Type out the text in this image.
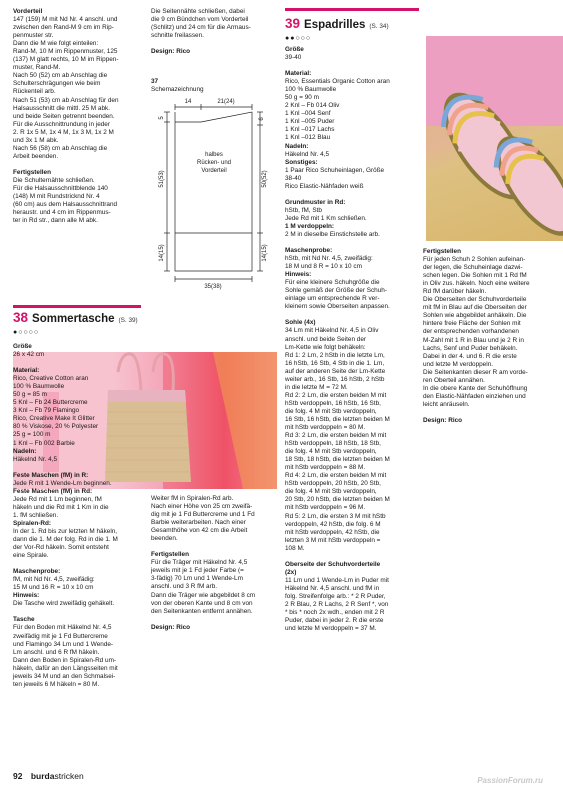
Vorderteil

147 (159) M mit Nd Nr. 4 anschl. und
zwischen den Rand-M 9 cm im Rip-
penmuster str.
Dann die M wie folgt einteilen:
Rand-M, 10 M im Rippenmuster, 125
(137) M glatt rechts, 10 M im Rippen-
muster, Rand-M.
Nach 50 (52) cm ab Anschlag die
Schulterschrägungen wie beim
Rückenteil arb.
Nach 51 (53) cm ab Anschlag für den
Halsausschnitt die mittl. 25 M abk.
und beide Seiten getrennt beenden.
Für die Ausschnittrundung in jeder
2. R 1x 5 M, 1x 4 M, 1x 3 M, 1x 2 M
und 3x 1 M abk.
Nach 56 (58) cm ab Anschlag die
Arbeit beenden.

Fertigstellen

Die Schulternähte schließen.
Für die Halsausschnittblende 140
(148) M mit Rundstricknd Nr. 4
(60 cm) aus dem Halsausschnittrand
heraustr. und 4 cm im Rippenmus-
ter in Rd str., dann alle M abk.

Die Seitennähte schließen, dabei
die 9 cm Bündchen vom Vorderteil
(Schlitz) und 24 cm für die Armaus-
schnitte freilassen.

Design: Rico

37
Schemazeichnung

14	21(24)
6
5
51(53)
14(15)
50(52)
14(15)
35(38)
halbes
Rücken- und
Vorderteil
38 Sommertasche (S. 39)
●○○○○

Größe

26 x 42 cm

Material:

Rico, Creative Cotton aran
100 % Baumwolle
50 g = 85 m
5 Knl – Fb 24 Buttercreme
3 Knl – Fb 79 Flamingo
Rico, Creative Make It Glitter
80 % Viskose, 20 % Polyester
25 g = 100 m
1 Knl – Fb 002 Barbie

Nadeln:

Häkelnd Nr. 4,5

Feste Maschen (fM) in R:

Jede R mit 1 Wende-Lm beginnen.

Feste Maschen (fM) in Rd:

Jede Rd mit 1 Lm beginnen, fM
häkeln und die Rd mit 1 Km in die
1. fM schließen.

Spiralen-Rd:

In der 1. Rd bis zur letzten M häkeln,
dann die 1. M der folg. Rd in die 1. M
der Vor-Rd häkeln. Somit entsteht
eine Spirale.

Maschenprobe:

fM, mit Nd Nr. 4,5, zweifädig:
15 M und 16 R = 10 x 10 cm

Hinweis:

Die Tasche wird zweifädig gehäkelt.

Tasche

Für den Boden mit Häkelnd Nr. 4,5
zweifädig mit je 1 Fd Buttercreme
und Flamingo 34 Lm und 1 Wende-
Lm anschl. und 6 R fM häkeln.
Dann den Boden in Spiralen-Rd um-
häkeln, dafür an den Längsseiten mit
jeweils 34 M und an den Schmalsei-
ten jeweils 6 M häkeln = 80 M.

Weiter fM in Spiralen-Rd arb.
Nach einer Höhe von 25 cm zweifä-
dig mit je 1 Fd Buttercreme und 1 Fd
Barbie weiterarbeiten. Nach einer
Gesamthöhe von 42 cm die Arbeit
beenden.

Fertigstellen

Für die Träger mit Häkelnd Nr. 4,5
jeweils mit je 1 Fd jeder Farbe (=
3-fädig) 70 Lm und 1 Wende-Lm
anschl. und 3 R fM arb.
Dann die Träger wie abgebildet 8 cm
von der oberen Kante und 8 cm von
den Seitenkanten entfernt annähen.

Design: Rico

39 Espadrilles (S. 34)
●●○○○

Größe

39-40

Material:

Rico, Essentials Organic Cotton aran
100 % Baumwolle
50 g = 90 m
2 Knl – Fb 014 Oliv
1 Knl –004 Senf
1 Knl –005 Puder
1 Knl –017 Lachs
1 Knl –012 Blau

Nadeln:

Häkelnd Nr. 4,5

Sonstiges:

1 Paar Rico Schuheinlagen, Größe
38-40
Rico Elastic-Nähfaden weiß

Grundmuster in Rd:

hStb, fM, Stb
Jede Rd mit 1 Km schließen.

1 M verdoppeln:

2 M in dieselbe Einstichstelle arb.

Maschenprobe:

hStb, mit Nd Nr. 4,5, zweifädig:
18 M und 8 R = 10 x 10 cm

Hinweis:

Für eine kleinere Schuhgröße die
Sohle gemäß der Größe der Schuh-
einlage um entsprechende R ver-
kleinern sowie Oberseiten anpassen.

Sohle (4x)

34 Lm mit Häkelnd Nr. 4,5 in Oliv
anschl. und beide Seiten der
Lm-Kette wie folgt behäkeln:
Rd 1: 2 Lm, 2 hStb in die letzte Lm,
16 hStb, 16 Stb, 4 Stb in die 1. Lm,
auf der anderen Seite der Lm-Kette
weiter arb., 16 Stb, 16 hStb, 2 hStb
in die letzte M = 72 M.
Rd 2: 2 Lm, die ersten beiden M mit
hStb verdoppeln, 16 hStb, 16 Stb,
die folg. 4 M mit Stb verdoppeln,
16 Stb, 16 hStb, die letzten beiden M
mit hStb verdoppeln = 80 M.
Rd 3: 2 Lm, die ersten beiden M mit
hStb verdoppeln, 18 hStb, 18 Stb,
die folg. 4 M mit Stb verdoppeln,
18 Stb, 18 hStb, die letzten beiden M
mit hStb verdoppeln = 88 M.
Rd 4: 2 Lm, die ersten beiden M mit
hStb verdoppeln, 20 hStb, 20 Stb,
die folg. 4 M mit Stb verdoppeln,
20 Stb, 20 hStb, die letzten beiden M
mit hStb verdoppeln = 96 M.
Rd 5: 2 Lm, die ersten 3 M mit hStb
verdoppeln, 42 hStb, die folg. 6 M
mit hStb verdoppeln, 42 hStb, die
letzten 3 M mit hStb verdoppeln =
108 M.

Oberseite der Schuhvorderteile
(2x)

11 Lm und 1 Wende-Lm in Puder mit
Häkelnd Nr. 4,5 anschl. und fM in
folg. Streifenfolge arb.: * 2 R Puder,
2 R Blau, 2 R Lachs, 2 R Senf *, von
* bis * noch 2x wdh., enden mit 2 R
Puder, dabei in jeder 2. R die erste
und letzte M verdoppeln = 37 M.

Fertigstellen

Für jeden Schuh 2 Sohlen aufeinan-
der legen, die Schuheinlage dazwi-
schen legen. Die Sohlen mit 1 Rd fM
in Oliv zus. häkeln. Noch eine weitere
Rd fM darüber häkeln.
Die Oberseiten der Schuhvorderteile
mit fM in Blau auf die Oberseiten der
Sohlen wie abgebildet anhäkeln. Die
hintere freie Fläche der Sohlen mit
der entsprechenden vorhandenen
M-Zahl mit 1 R in Blau und je 2 R in
Lachs, Senf und Puder behäkeln.
Dabei in der 4. und 6. R die erste
und letzte M verdoppeln.
Die Seitenkanten dieser R am vorde-
ren Oberteil annähen.
In die obere Kante der Schuhöffnung
den Elastic-Nähfaden einziehen und
leicht anräuseln.

Design: Rico

92 burdastricken	PassionForum.ru
